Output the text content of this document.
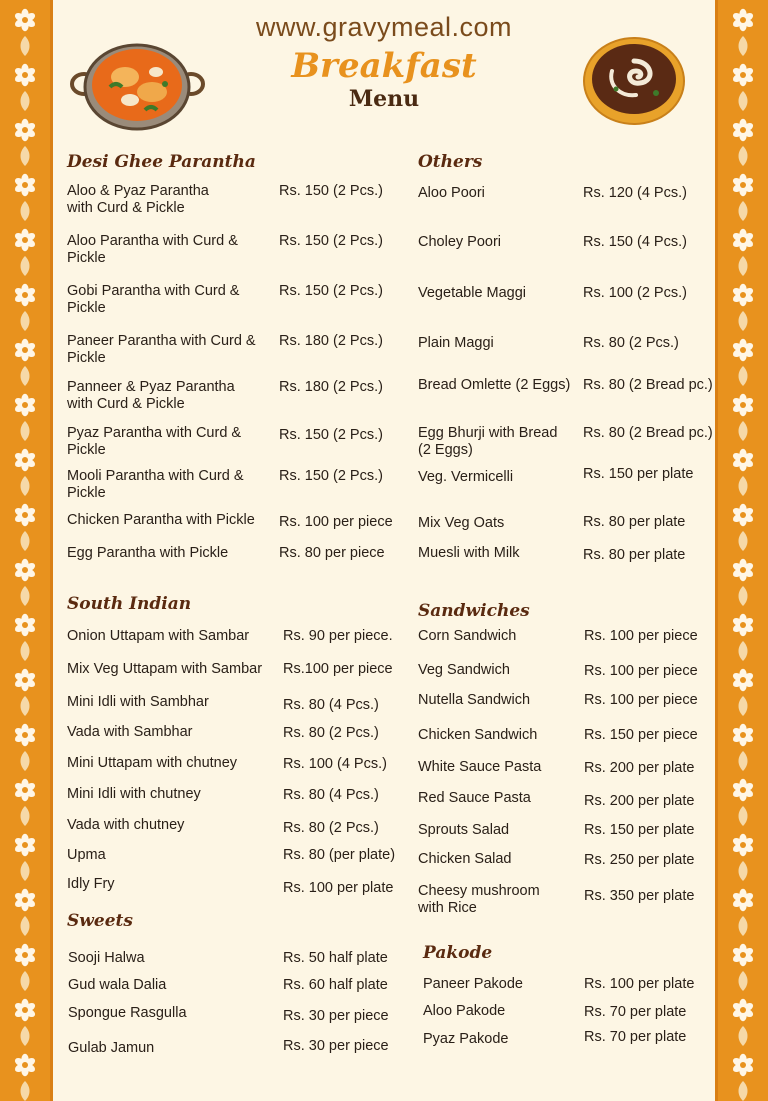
www.gravymeal.com
Breakfast
Menu
Desi Ghee Parantha
Aloo & Pyaz Parantha
with Curd & Pickle
Rs. 150 (2 Pcs.)
Aloo Parantha with Curd &
Pickle
Rs. 150 (2 Pcs.)
Gobi Parantha with Curd &
Pickle
Rs. 150 (2 Pcs.)
Paneer Parantha with Curd &
Pickle
Rs. 180 (2 Pcs.)
Panneer & Pyaz Parantha
with Curd & Pickle
Rs. 180 (2 Pcs.)
Pyaz Parantha with Curd &
Pickle
Rs. 150 (2 Pcs.)
Mooli Parantha with Curd &
Pickle
Rs. 150 (2 Pcs.)
Chicken Parantha with Pickle	Rs. 100 per piece
Egg Parantha with Pickle	Rs. 80 per piece
Others
Aloo Poori	Rs. 120 (4 Pcs.)
Choley Poori	Rs. 150 (4 Pcs.)
Vegetable Maggi	Rs. 100 (2 Pcs.)
Plain Maggi	Rs. 80 (2 Pcs.)
Bread Omlette (2 Eggs) Rs. 80 (2 Bread pc.)
Egg Bhurji with Bread
(2 Eggs)
Rs. 80 (2 Bread pc.)
Veg. Vermicelli	Rs. 150 per plate
Mix Veg Oats	Rs. 80 per plate
Muesli with Milk	Rs. 80 per plate
South Indian
Onion Uttapam with Sambar	Rs. 90 per piece.
Mix Veg Uttapam with Sambar	Rs.100 per piece
Mini Idli with Sambhar	Rs. 80 (4 Pcs.)
Vada with Sambhar	Rs. 80 (2 Pcs.)
Mini Uttapam with chutney	Rs. 100 (4 Pcs.)
Mini Idli with chutney	Rs. 80 (4 Pcs.)
Vada with chutney	Rs. 80 (2 Pcs.)
Upma	Rs. 80 (per plate)
Idly Fry	Rs. 100 per plate
Sandwiches
Corn Sandwich	Rs. 100 per piece
Veg Sandwich	Rs. 100 per piece
Nutella Sandwich	Rs. 100 per piece
Chicken Sandwich	Rs. 150 per piece
White Sauce Pasta	Rs. 200 per plate
Red Sauce Pasta	Rs. 200 per plate
Sprouts Salad	Rs. 150 per plate
Chicken Salad	Rs. 250 per plate
Cheesy mushroom
with Rice
Rs. 350 per plate
Sweets
Sooji Halwa	Rs. 50 half plate
Gud wala Dalia	Rs. 60 half plate
Spongue Rasgulla	Rs. 30 per piece
Gulab Jamun	Rs. 30 per piece
Pakode
Paneer Pakode	Rs. 100 per plate
Aloo Pakode	Rs. 70 per plate
Pyaz Pakode	Rs. 70 per plate
